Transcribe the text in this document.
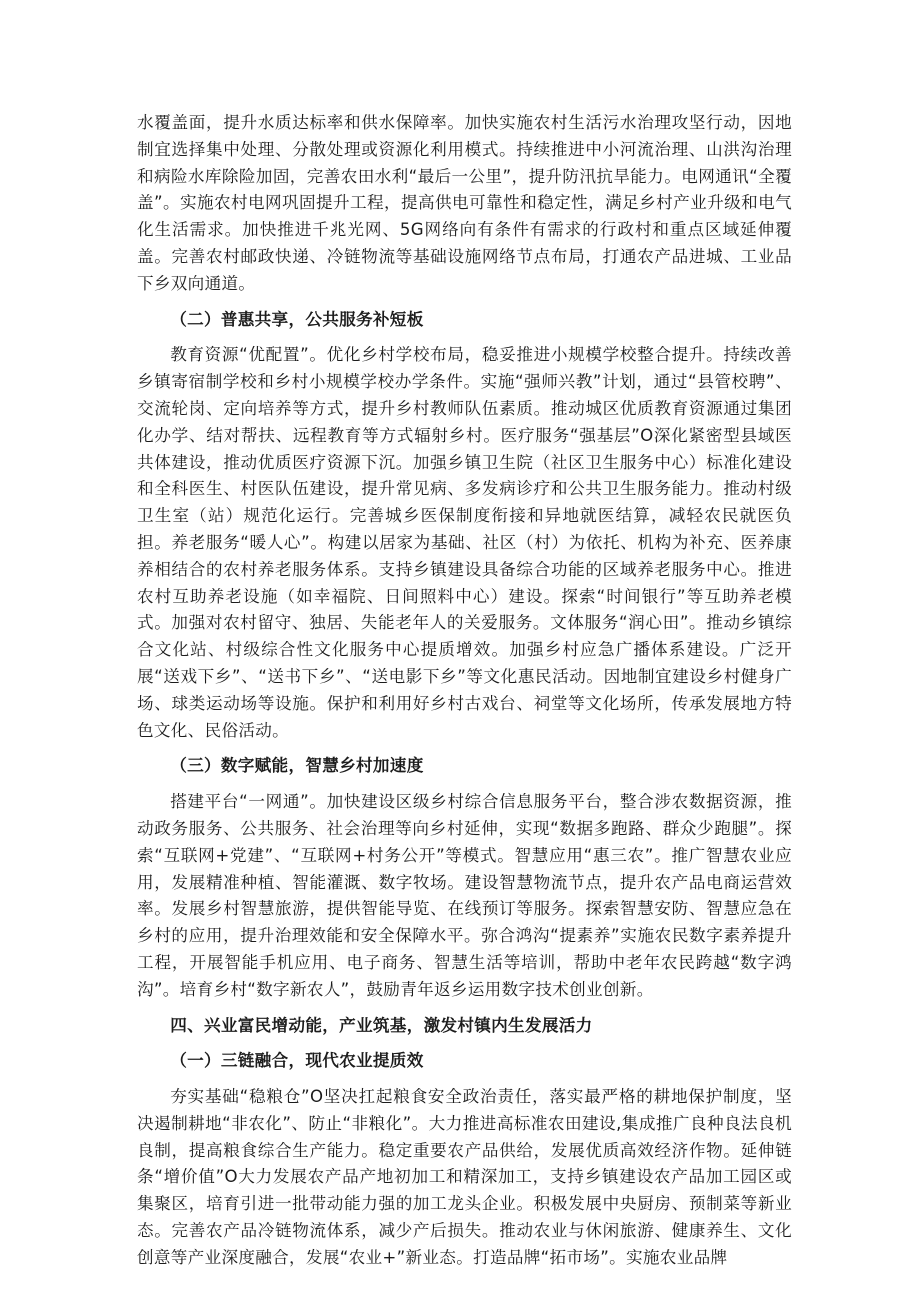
水覆盖面，提升水质达标率和供水保障率。加快实施农村生活污水治理攻坚行动，因地制宜选择集中处理、分散处理或资源化利用模式。持续推进中小河流治理、山洪沟治理和病险水库除险加固，完善农田水利“最后一公里”，提升防汛抗旱能力。电网通讯“全覆盖”。实施农村电网巩固提升工程，提高供电可靠性和稳定性，满足乡村产业升级和电气化生活需求。加快推进千兆光网、5G网络向有条件有需求的行政村和重点区域延伸覆盖。完善农村邮政快递、冷链物流等基础设施网络节点布局，打通农产品进城、工业品下乡双向通道。

（二）普惠共享，公共服务补短板

教育资源“优配置”。优化乡村学校布局，稳妥推进小规模学校整合提升。持续改善乡镇寄宿制学校和乡村小规模学校办学条件。实施“强师兴教”计划，通过“县管校聘”、交流轮岗、定向培养等方式，提升乡村教师队伍素质。推动城区优质教育资源通过集团化办学、结对帮扶、远程教育等方式辐射乡村。医疗服务“强基层”O深化紧密型县域医共体建设，推动优质医疗资源下沉。加强乡镇卫生院（社区卫生服务中心）标准化建设和全科医生、村医队伍建设，提升常见病、多发病诊疗和公共卫生服务能力。推动村级卫生室（站）规范化运行。完善城乡医保制度衔接和异地就医结算，减轻农民就医负担。养老服务“暖人心”。构建以居家为基础、社区（村）为依托、机构为补充、医养康养相结合的农村养老服务体系。支持乡镇建设具备综合功能的区域养老服务中心。推进农村互助养老设施（如幸福院、日间照料中心）建设。探索“时间银行”等互助养老模式。加强对农村留守、独居、失能老年人的关爱服务。文体服务“润心田”。推动乡镇综合文化站、村级综合性文化服务中心提质增效。加强乡村应急广播体系建设。广泛开展“送戏下乡”、“送书下乡”、“送电影下乡”等文化惠民活动。因地制宜建设乡村健身广场、球类运动场等设施。保护和利用好乡村古戏台、祠堂等文化场所，传承发展地方特色文化、民俗活动。

（三）数字赋能，智慧乡村加速度

搭建平台“一网通”。加快建设区级乡村综合信息服务平台，整合涉农数据资源，推动政务服务、公共服务、社会治理等向乡村延伸，实现“数据多跑路、群众少跑腿”。探索“互联网+党建”、“互联网+村务公开”等模式。智慧应用“惠三农”。推广智慧农业应用，发展精准种植、智能灌溉、数字牧场。建设智慧物流节点，提升农产品电商运营效率。发展乡村智慧旅游，提供智能导览、在线预订等服务。探索智慧安防、智慧应急在乡村的应用，提升治理效能和安全保障水平。弥合鸿沟“提素养”实施农民数字素养提升工程，开展智能手机应用、电子商务、智慧生活等培训，帮助中老年农民跨越“数字鸿沟”。培育乡村“数字新农人”，鼓励青年返乡运用数字技术创业创新。

四、兴业富民增动能，产业筑基，激发村镇内生发展活力

（一）三链融合，现代农业提质效

夯实基础“稳粮仓”O坚决扛起粮食安全政治责任，落实最严格的耕地保护制度，坚决遏制耕地“非农化”、防止“非粮化”。大力推进高标准农田建设,集成推广良种良法良机良制，提高粮食综合生产能力。稳定重要农产品供给，发展优质高效经济作物。延伸链条“增价值”O大力发展农产品产地初加工和精深加工，支持乡镇建设农产品加工园区或集聚区，培育引进一批带动能力强的加工龙头企业。积极发展中央厨房、预制菜等新业态。完善农产品冷链物流体系，减少产后损失。推动农业与休闲旅游、健康养生、文化创意等产业深度融合，发展“农业+”新业态。打造品牌“拓市场”。实施农业品牌
